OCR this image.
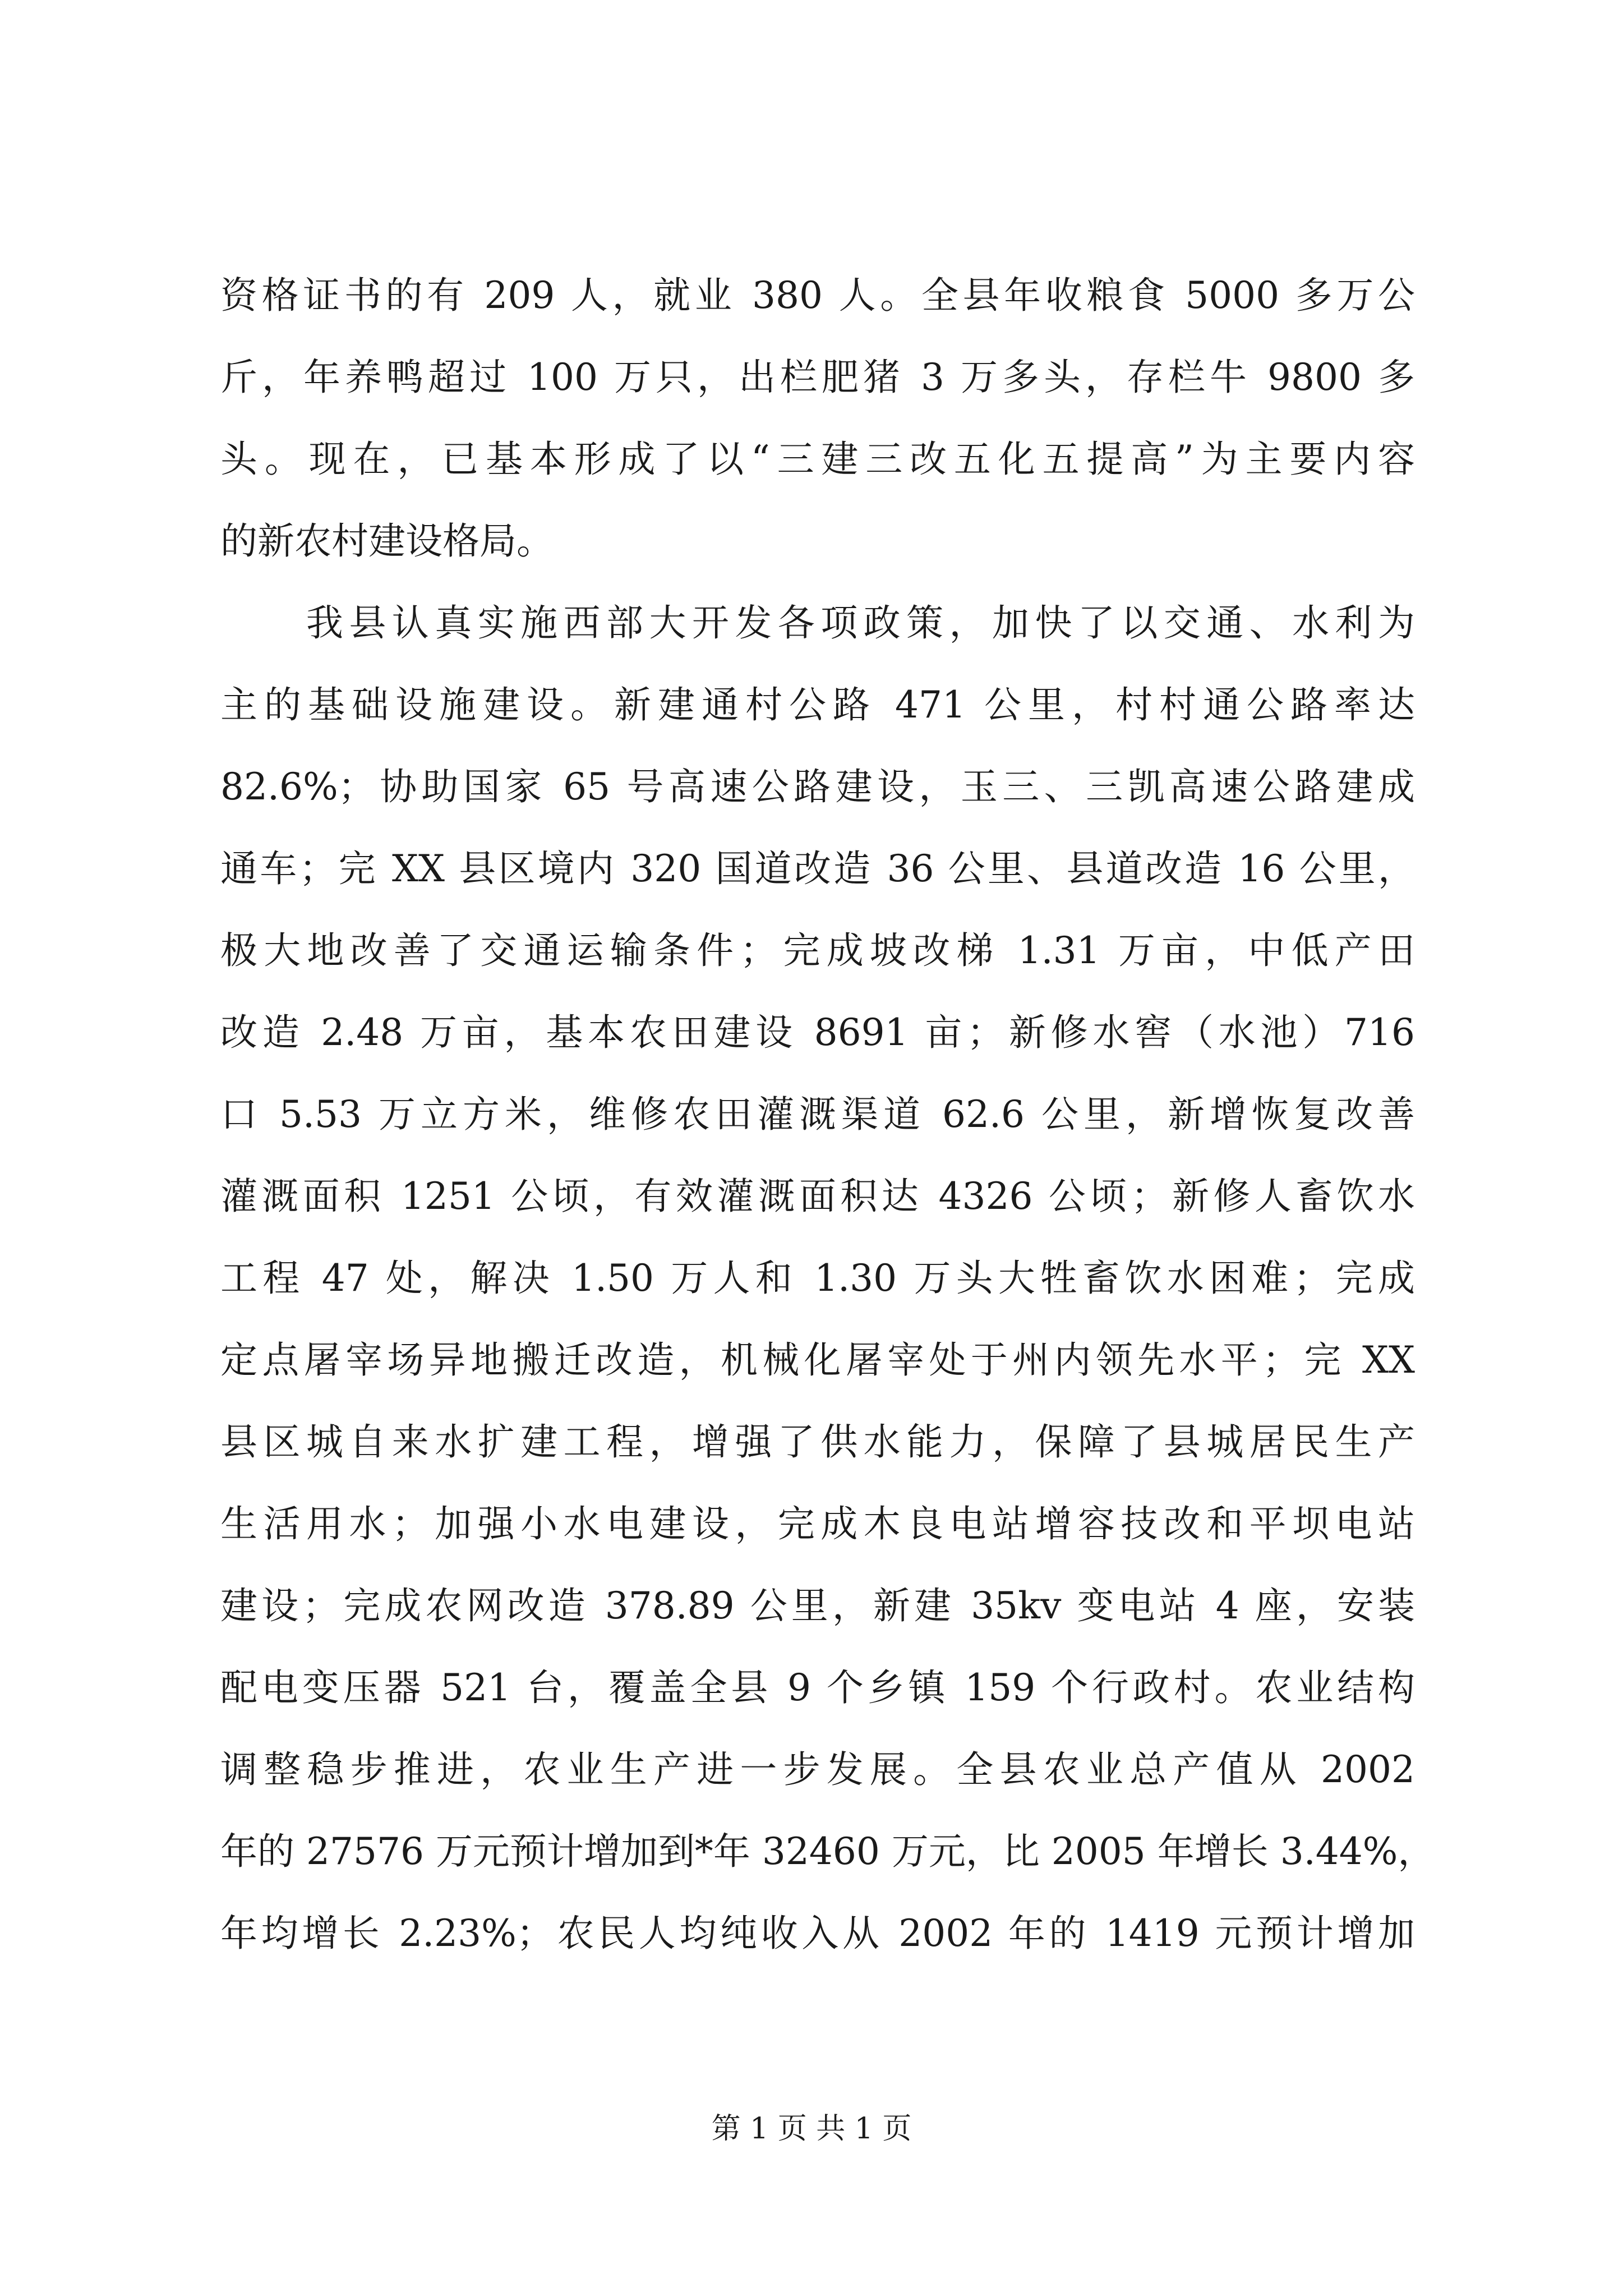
资格证书的有 209 人，就业 380 人。全县年收粮食 5000 多万公
斤，年养鸭超过 100 万只，出栏肥猪 3 万多头，存栏牛 9800 多
头。现在，已基本形成了以“三建三改五化五提高”为主要内容
的新农村建设格局。
　　我县认真实施西部大开发各项政策，加快了以交通、水利为
主的基础设施建设。新建通村公路 471 公里，村村通公路率达
82.6%；协助国家 65 号高速公路建设，玉三、三凯高速公路建成
通车；完 XX 县区境内 320 国道改造 36 公里、县道改造 16 公里，
极大地改善了交通运输条件；完成坡改梯 1.31 万亩，中低产田
改造 2.48 万亩，基本农田建设 8691 亩；新修水窖（水池）716
口 5.53 万立方米，维修农田灌溉渠道 62.6 公里，新增恢复改善
灌溉面积 1251 公顷，有效灌溉面积达 4326 公顷；新修人畜饮水
工程 47 处，解决 1.50 万人和 1.30 万头大牲畜饮水困难；完成
定点屠宰场异地搬迁改造，机械化屠宰处于州内领先水平；完 XX
县区城自来水扩建工程，增强了供水能力，保障了县城居民生产
生活用水；加强小水电建设，完成木良电站增容技改和平坝电站
建设；完成农网改造 378.89 公里，新建 35kv 变电站 4 座，安装
配电变压器 521 台，覆盖全县 9 个乡镇 159 个行政村。农业结构
调整稳步推进，农业生产进一步发展。全县农业总产值从 2002
年的 27576 万元预计增加到*年 32460 万元，比 2005 年增长 3.44%，
年均增长 2.23%；农民人均纯收入从 2002 年的 1419 元预计增加
第 1 页 共 1 页
